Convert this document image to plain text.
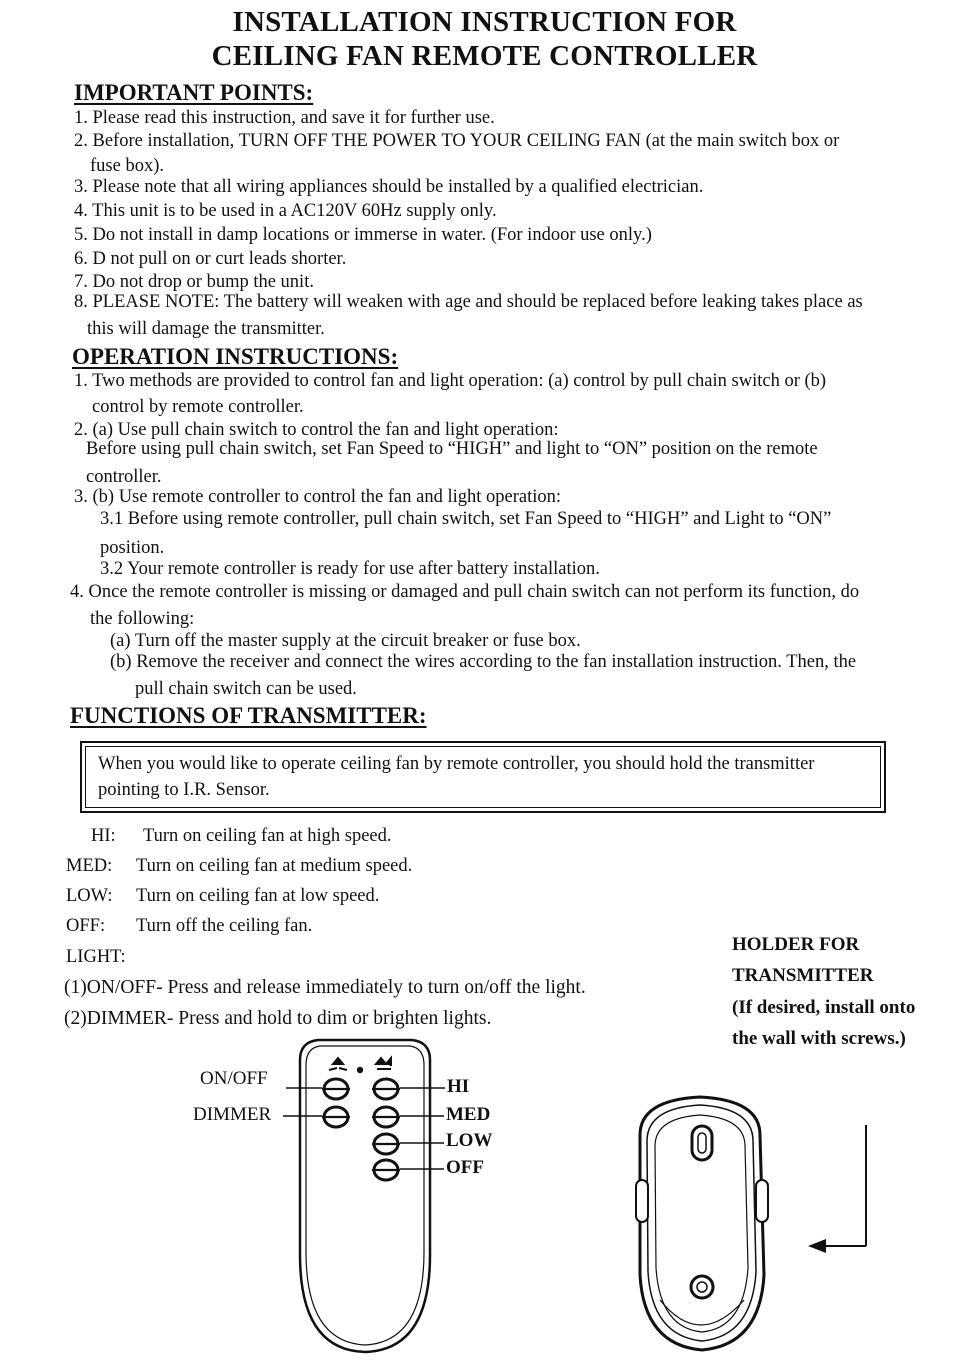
INSTALLATION INSTRUCTION FOR
CEILING FAN REMOTE CONTROLLER
IMPORTANT POINTS:
1. Please read this instruction, and save it for further use.
2. Before installation, TURN OFF THE POWER TO YOUR CEILING FAN (at the main switch box or
fuse box).
3. Please note that all wiring appliances should be installed by a qualified electrician.
4. This unit is to be used in a AC120V 60Hz supply only.
5. Do not install in damp locations or immerse in water. (For indoor use only.)
6. D not pull on or curt leads shorter.
7. Do not drop or bump the unit.
8. PLEASE NOTE: The battery will weaken with age and should be replaced before leaking takes place as
this will damage the transmitter.
OPERATION INSTRUCTIONS:
1. Two methods are provided to control fan and light operation: (a) control by pull chain switch or (b)
control by remote controller.
2. (a) Use pull chain switch to control the fan and light operation:
Before using pull chain switch, set Fan Speed to “HIGH” and light to “ON” position on the remote
controller.
3. (b) Use remote controller to control the fan and light operation:
3.1 Before using remote controller, pull chain switch, set Fan Speed to “HIGH” and Light to “ON”
position.
3.2 Your remote controller is ready for use after battery installation.
4. Once the remote controller is missing or damaged and pull chain switch can not perform its function, do
the following:
(a) Turn off the master supply at the circuit breaker or fuse box.
(b) Remove the receiver and connect the wires according to the fan installation instruction. Then, the
pull chain switch can be used.
FUNCTIONS OF TRANSMITTER:
When you would like to operate ceiling fan by remote controller, you should hold the transmitter
pointing to I.R. Sensor.
HI: Turn on ceiling fan at high speed.
MED: Turn on ceiling fan at medium speed.
LOW: Turn on ceiling fan at low speed.
OFF: Turn off the ceiling fan.
LIGHT:
(1)ON/OFF- Press and release immediately to turn on/off the light.
(2)DIMMER- Press and hold to dim or brighten lights.
HOLDER FOR
TRANSMITTER
(If desired, install onto
the wall with screws.)
ON/OFF
DIMMER
HI
MED
LOW
OFF
